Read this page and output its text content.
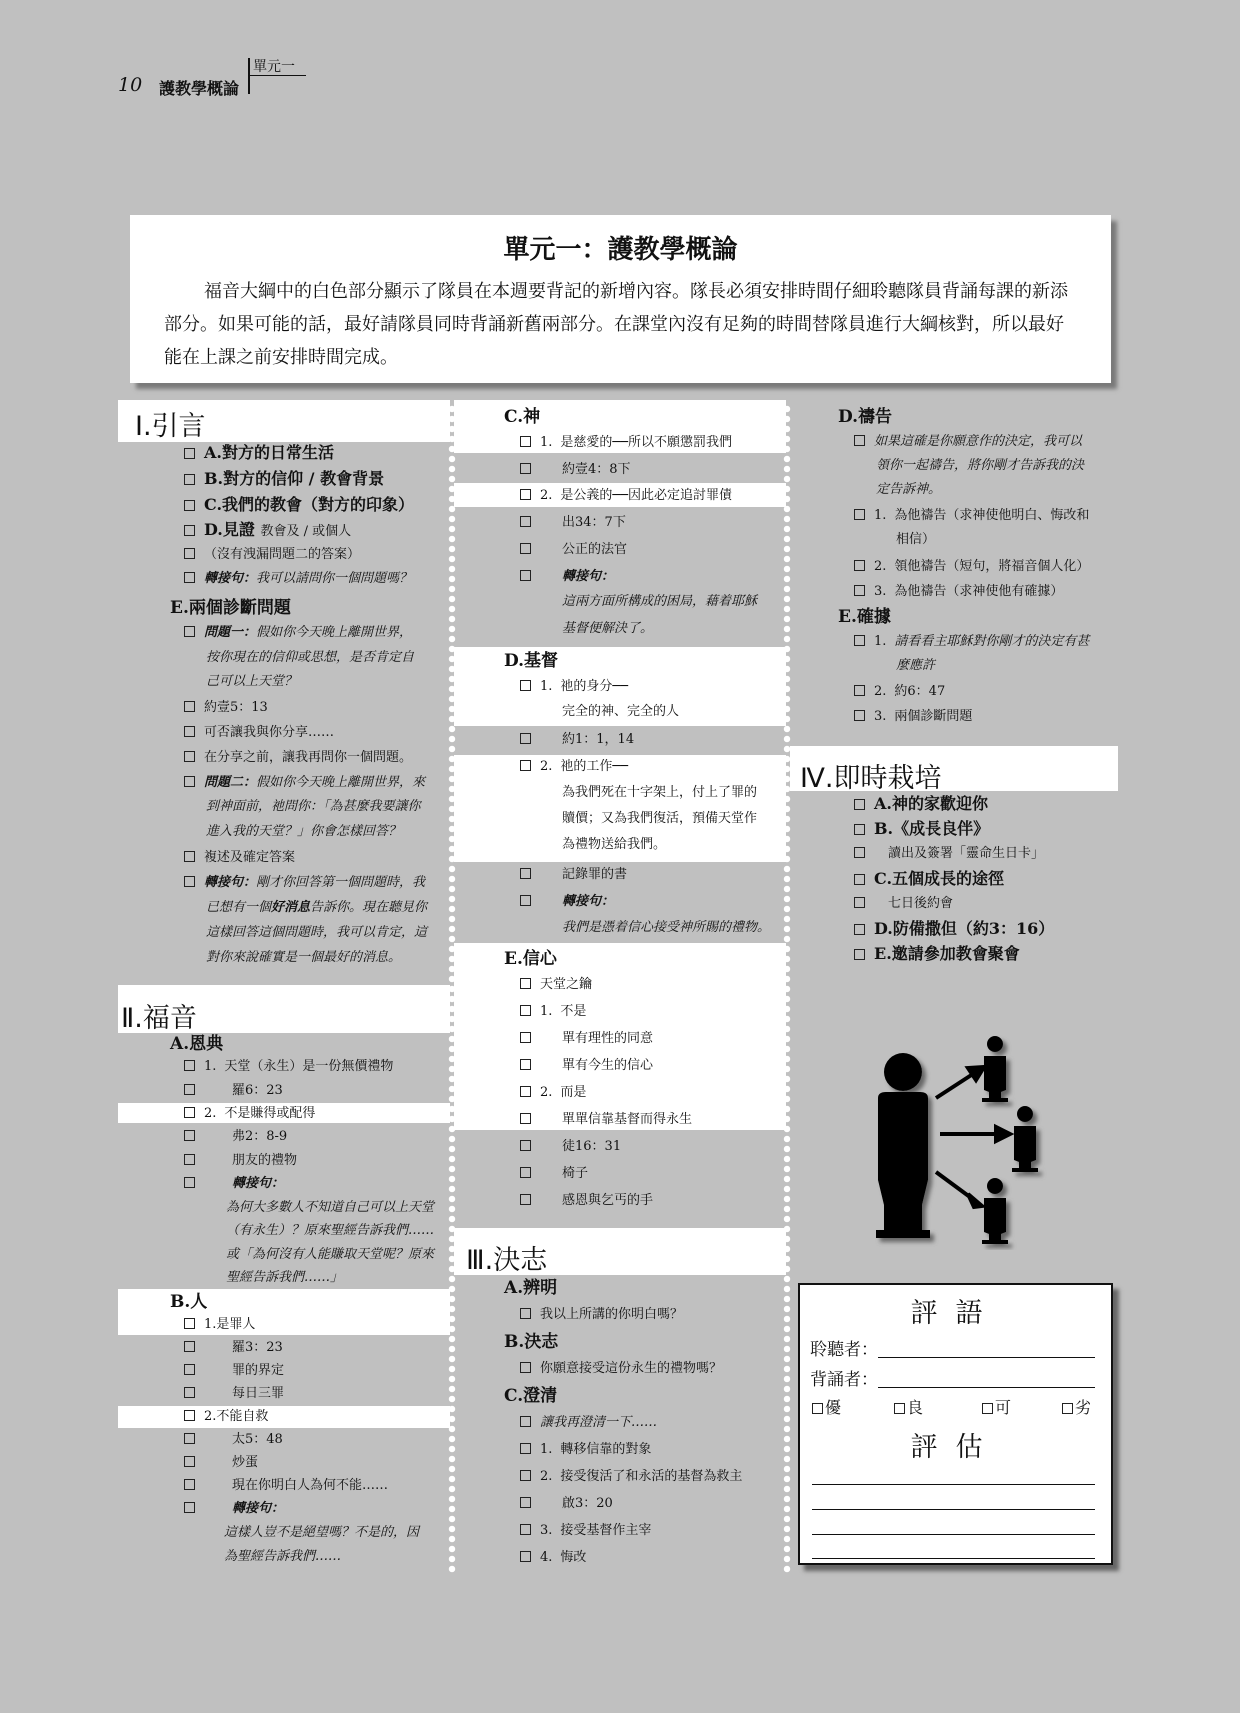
10 護教學概論
單元一
單元一：護教學概論

福音大綱中的白色部分顯示了隊員在本週要背記的新增內容。隊長必須安排時間仔細聆聽隊員背誦每課的新添部分。如果可能的話，最好請隊員同時背誦新舊兩部分。在課堂內沒有足夠的時間替隊員進行大綱核對，所以最好能在上課之前安排時間完成。

Ⅰ.引言
A.對方的日常生活
B.對方的信仰 / 教會背景
C.我們的教會（對方的印象）
D.見證 教會及 / 或個人
（沒有洩漏問題二的答案）
轉接句：我可以請問你一個問題嗎？
E.兩個診斷問題
問題一：假如你今天晚上離開世界，
按你現在的信仰或思想，是否肯定自
己可以上天堂？
約壹5：13
可否讓我與你分享……
在分享之前，讓我再問你一個問題。
問題二：假如你今天晚上離開世界，來
到神面前，祂問你：「為甚麼我要讓你
進入我的天堂？」你會怎樣回答？
複述及確定答案
轉接句：剛才你回答第一個問題時，我
已想有一個好消息告訴你。現在聽見你
這樣回答這個問題時，我可以肯定，這
對你來說確實是一個最好的消息。
Ⅱ.福音
A.恩典
1. 天堂（永生）是一份無價禮物
羅6：23
2. 不是賺得或配得
弗2：8-9
朋友的禮物
轉接句：
為何大多數人不知道自己可以上天堂
（有永生）？原來聖經告訴我們……
或「為何沒有人能賺取天堂呢？原來
聖經告訴我們……」
B.人
1.是罪人
羅3：23
罪的界定
每日三罪
2.不能自救
太5：48
炒蛋
現在你明白人為何不能……
轉接句：
這樣人豈不是絕望嗎？不是的，因
為聖經告訴我們……
C.神
1. 是慈愛的──所以不願懲罰我們
約壹4：8下
2. 是公義的──因此必定追討罪債
出34：7下
公正的法官
轉接句：
這兩方面所構成的困局，藉着耶穌
基督便解決了。
D.基督
1. 祂的身分──
完全的神、完全的人
約1：1，14
2. 祂的工作──
為我們死在十字架上，付上了罪的
贖價；又為我們復活，預備天堂作
為禮物送給我們。
記錄罪的書
轉接句：
我們是憑着信心接受神所賜的禮物。
E.信心
天堂之鑰
1. 不是
單有理性的同意
單有今生的信心
2. 而是
單單信靠基督而得永生
徒16：31
椅子
感恩與乞丐的手
Ⅲ.決志
A.辨明
我以上所講的你明白嗎？
B.決志
你願意接受這份永生的禮物嗎？
C.澄清
讓我再澄清一下……
1. 轉移信靠的對象
2. 接受復活了和永活的基督為救主
啟3：20
3. 接受基督作主宰
4. 悔改
D.禱告
如果這確是你願意作的決定，我可以
領你一起禱告，將你剛才告訴我的決
定告訴神。
1. 為他禱告（求神使他明白、悔改和
相信）
2. 領他禱告（短句，將福音個人化）
3. 為他禱告（求神使他有確據）
E.確據
1. 請看看主耶穌對你剛才的決定有甚
麼應許
2. 約6：47
3. 兩個診斷問題
Ⅳ.即時栽培
A.神的家歡迎你
B.《成長良伴》
讀出及簽署「靈命生日卡」
C.五個成長的途徑
七日後約會
D.防備撒但（約3：16）
E.邀請參加教會聚會
評語
聆聽者：
背誦者：
優	良	可	劣
評估
